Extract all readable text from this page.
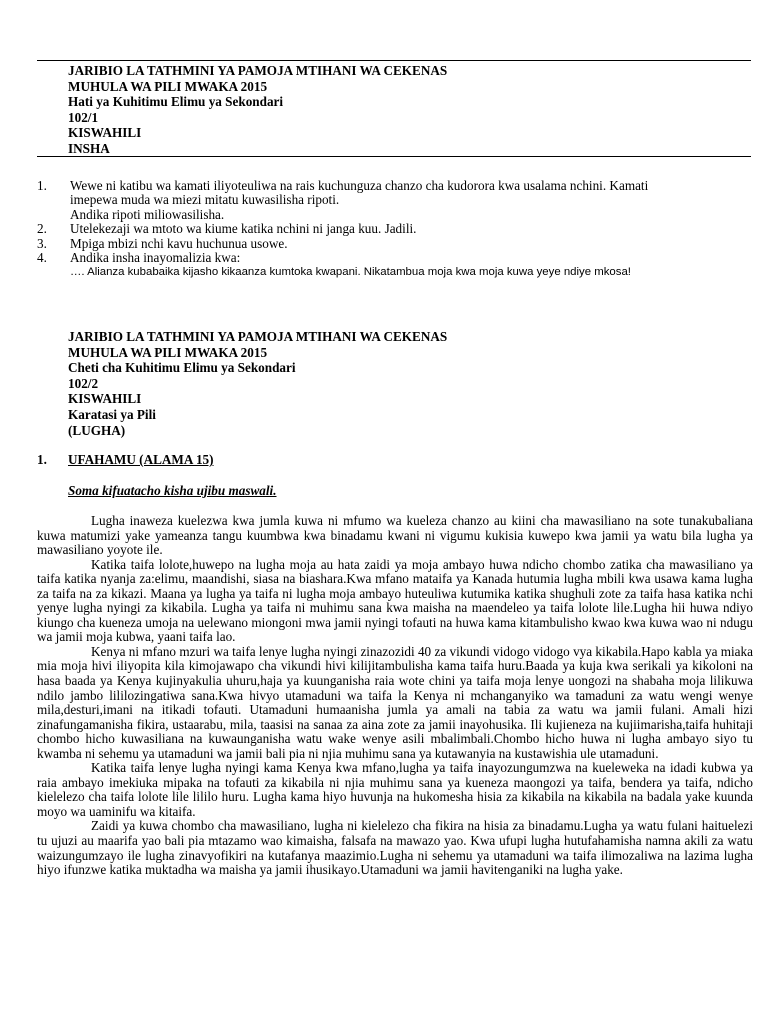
JARIBIO LA TATHMINI YA PAMOJA MTIHANI WA CEKENAS
MUHULA WA PILI MWAKA 2015
Hati ya Kuhitimu Elimu ya Sekondari
102/1
KISWAHILI
INSHA
1.	Wewe ni katibu wa kamati iliyoteuliwa na rais kuchunguza chanzo cha kudorora kwa usalama nchini. Kamati
imepewa muda wa miezi mitatu kuwasilisha ripoti.
Andika ripoti miliowasilisha.
2.	Utelekezaji wa mtoto wa kiume katika nchini ni janga kuu. Jadili.
3.	Mpiga mbizi nchi kavu huchunua usowe.
4.	Andika insha inayomalizia kwa:
…. Alianza kubabaika kijasho kikaanza kumtoka kwapani. Nikatambua moja kwa moja kuwa yeye ndiye mkosa!
JARIBIO LA TATHMINI YA PAMOJA MTIHANI WA CEKENAS
MUHULA WA PILI MWAKA 2015
Cheti cha Kuhitimu Elimu ya Sekondari
102/2
KISWAHILI
Karatasi ya Pili
(LUGHA)
1. UFAHAMU (ALAMA 15)
Soma kifuatacho kisha ujibu maswali.

Lugha inaweza kuelezwa kwa jumla kuwa ni mfumo wa kueleza chanzo au kiini cha mawasiliano na sote tunakubaliana kuwa matumizi yake yameanza tangu kuumbwa kwa binadamu kwani ni vigumu kukisia kuwepo kwa jamii ya watu bila lugha ya mawasiliano yoyote ile.

Katika taifa lolote,huwepo na lugha moja au hata zaidi ya moja ambayo huwa ndicho chombo zatika cha mawasiliano ya taifa katika nyanja za:elimu, maandishi, siasa na biashara.Kwa mfano mataifa ya Kanada hutumia lugha mbili kwa usawa kama lugha za taifa na za kikazi. Maana ya lugha ya taifa ni lugha moja ambayo huteuliwa kutumika katika shughuli zote za taifa hasa katika nchi yenye lugha nyingi za kikabila. Lugha ya taifa ni muhimu sana kwa maisha na maendeleo ya taifa lolote lile.Lugha hii huwa ndiyo kiungo cha kueneza umoja na uelewano miongoni mwa jamii nyingi tofauti na huwa kama kitambulisho kwao kwa kuwa wao ni ndugu wa jamii moja kubwa, yaani taifa lao.

Kenya ni mfano mzuri wa taifa lenye lugha nyingi zinazozidi 40 za vikundi vidogo vidogo vya kikabila.Hapo kabla ya miaka mia moja hivi iliyopita kila kimojawapo cha vikundi hivi kilijitambulisha kama taifa huru.Baada ya kuja kwa serikali ya kikoloni na hasa baada ya Kenya kujinyakulia uhuru,haja ya kuunganisha raia wote chini ya taifa moja lenye uongozi na shabaha moja lilikuwa ndilo jambo lililozingatiwa sana.Kwa hivyo utamaduni wa taifa la Kenya ni mchanganyiko wa tamaduni za watu wengi wenye mila,desturi,imani na itikadi tofauti. Utamaduni humaanisha jumla ya amali na tabia za watu wa jamii fulani. Amali hizi zinafungamanisha fikira, ustaarabu, mila, taasisi na sanaa za aina zote za jamii inayohusika. Ili kujieneza na kujiimarisha,taifa huhitaji chombo hicho kuwasiliana na kuwaunganisha watu wake wenye asili mbalimbali.Chombo hicho huwa ni lugha ambayo siyo tu kwamba ni sehemu ya utamaduni wa jamii bali pia ni njia muhimu sana ya kutawanyia na kustawishia ule utamaduni.

Katika taifa lenye lugha nyingi kama Kenya kwa mfano,lugha ya taifa inayozungumzwa na kueleweka na idadi kubwa ya raia ambayo imekiuka mipaka na tofauti za kikabila ni njia muhimu sana ya kueneza maongozi ya taifa, bendera ya taifa, ndicho kielelezo cha taifa lolote lile lililo huru. Lugha kama hiyo huvunja na hukomesha hisia za kikabila na kikabila na badala yake kuunda moyo wa uaminifu wa kitaifa.

Zaidi ya kuwa chombo cha mawasiliano, lugha ni kielelezo cha fikira na hisia za binadamu.Lugha ya watu fulani haituelezi tu ujuzi au maarifa yao bali pia mtazamo wao kimaisha, falsafa na mawazo yao. Kwa ufupi lugha hutufahamisha namna akili za watu waizungumzayo ile lugha zinavyofikiri na kutafanya maazimio.Lugha ni sehemu ya utamaduni wa taifa ilimozaliwa na lazima lugha hiyo ifunzwe katika muktadha wa maisha ya jamii ihusikayo.Utamaduni wa jamii havitenganiki na lugha yake.
